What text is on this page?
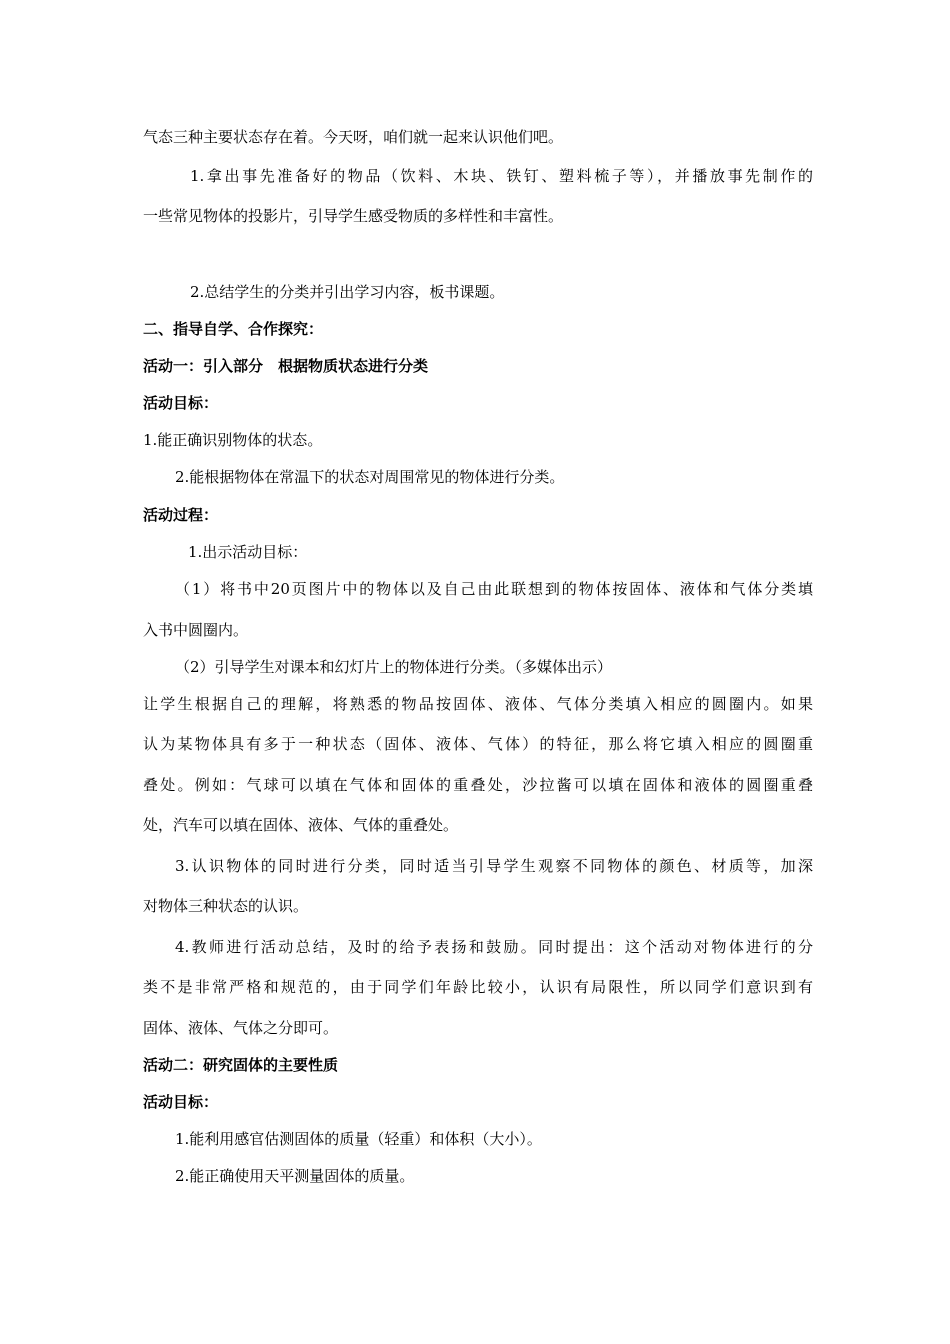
气态三种主要状态存在着。今天呀，咱们就一起来认识他们吧。
1.拿出事先准备好的物品（饮料、木块、铁钉、塑料梳子等），并播放事先制作的
一些常见物体的投影片，引导学生感受物质的多样性和丰富性。
2.总结学生的分类并引出学习内容，板书课题。
二、指导自学、合作探究：
活动一：引入部分　根据物质状态进行分类
活动目标：
1.能正确识别物体的状态。
2.能根据物体在常温下的状态对周围常见的物体进行分类。
活动过程：
1.出示活动目标：
（1）将书中20页图片中的物体以及自己由此联想到的物体按固体、液体和气体分类填
入书中圆圈内。
（2）引导学生对课本和幻灯片上的物体进行分类。（多媒体出示）
让学生根据自己的理解，将熟悉的物品按固体、液体、气体分类填入相应的圆圈内。如果
认为某物体具有多于一种状态（固体、液体、气体）的特征，那么将它填入相应的圆圈重
叠处。例如：气球可以填在气体和固体的重叠处，沙拉酱可以填在固体和液体的圆圈重叠
处，汽车可以填在固体、液体、气体的重叠处。
3.认识物体的同时进行分类，同时适当引导学生观察不同物体的颜色、材质等，加深
对物体三种状态的认识。
4.教师进行活动总结，及时的给予表扬和鼓励。同时提出：这个活动对物体进行的分
类不是非常严格和规范的，由于同学们年龄比较小，认识有局限性，所以同学们意识到有
固体、液体、气体之分即可。
活动二：研究固体的主要性质
活动目标：
1.能利用感官估测固体的质量（轻重）和体积（大小）。
2.能正确使用天平测量固体的质量。
